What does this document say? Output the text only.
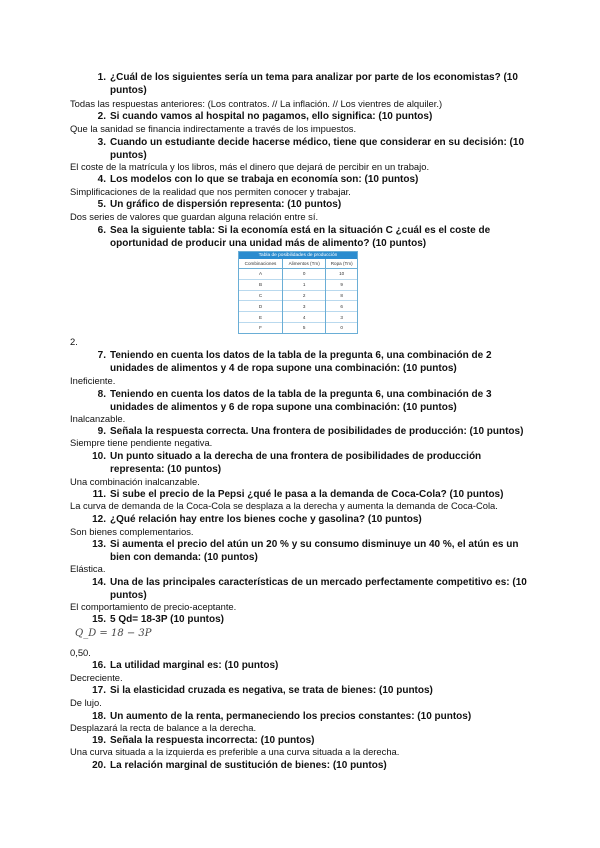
1. ¿Cuál de los siguientes sería un tema para analizar por parte de los economistas? (10 puntos)
Todas las respuestas anteriores: (Los contratos. // La inflación. // Los vientres de alquiler.)
2. Si cuando vamos al hospital no pagamos, ello significa: (10 puntos)
Que la sanidad se financia indirectamente a través de los impuestos.
3. Cuando un estudiante decide hacerse médico, tiene que considerar en su decisión: (10 puntos)
El coste de la matrícula y los libros, más el dinero que dejará de percibir en un trabajo.
4. Los modelos con lo que se trabaja en economía son: (10 puntos)
Simplificaciones de la realidad que nos permiten conocer y trabajar.
5. Un gráfico de dispersión representa: (10 puntos)
Dos series de valores que guardan alguna relación entre sí.
6. Sea la siguiente tabla: Si la economía está en la situación C ¿cuál es el coste de oportunidad de producir una unidad más de alimento? (10 puntos)
Tabla de posibilidades de producción
Combinaciones	Alimentos (Tm)	Ropa (Tm)
A	0	10
B	1	9
C	2	8
D	3	6
E	4	3
F	5	0
2.
7. Teniendo en cuenta los datos de la tabla de la pregunta 6, una combinación de 2 unidades de alimentos y 4 de ropa supone una combinación: (10 puntos)
Ineficiente.
8. Teniendo en cuenta los datos de la tabla de la pregunta 6, una combinación de 3 unidades de alimentos y 6 de ropa supone una combinación: (10 puntos)
Inalcanzable.
9. Señala la respuesta correcta. Una frontera de posibilidades de producción: (10 puntos)
Siempre tiene pendiente negativa.
10. Un punto situado a la derecha de una frontera de posibilidades de producción representa: (10 puntos)
Una combinación inalcanzable.
11. Si sube el precio de la Pepsi ¿qué le pasa a la demanda de Coca-Cola? (10 puntos)
La curva de demanda de la Coca-Cola se desplaza a la derecha y aumenta la demanda de Coca-Cola.
12. ¿Qué relación hay entre los bienes coche y gasolina? (10 puntos)
Son bienes complementarios.
13. Si aumenta el precio del atún un 20 % y su consumo disminuye un 40 %, el atún es un bien con demanda: (10 puntos)
Elástica.
14. Una de las principales características de un mercado perfectamente competitivo es: (10 puntos)
El comportamiento de precio-aceptante.
15. 5 Qd= 18-3P (10 puntos)
Q_D = 18 − 3P
0,50.
16. La utilidad marginal es: (10 puntos)
Decreciente.
17. Si la elasticidad cruzada es negativa, se trata de bienes: (10 puntos)
De lujo.
18. Un aumento de la renta, permaneciendo los precios constantes: (10 puntos)
Desplazará la recta de balance a la derecha.
19. Señala la respuesta incorrecta: (10 puntos)
Una curva situada a la izquierda es preferible a una curva situada a la derecha.
20. La relación marginal de sustitución de bienes: (10 puntos)
